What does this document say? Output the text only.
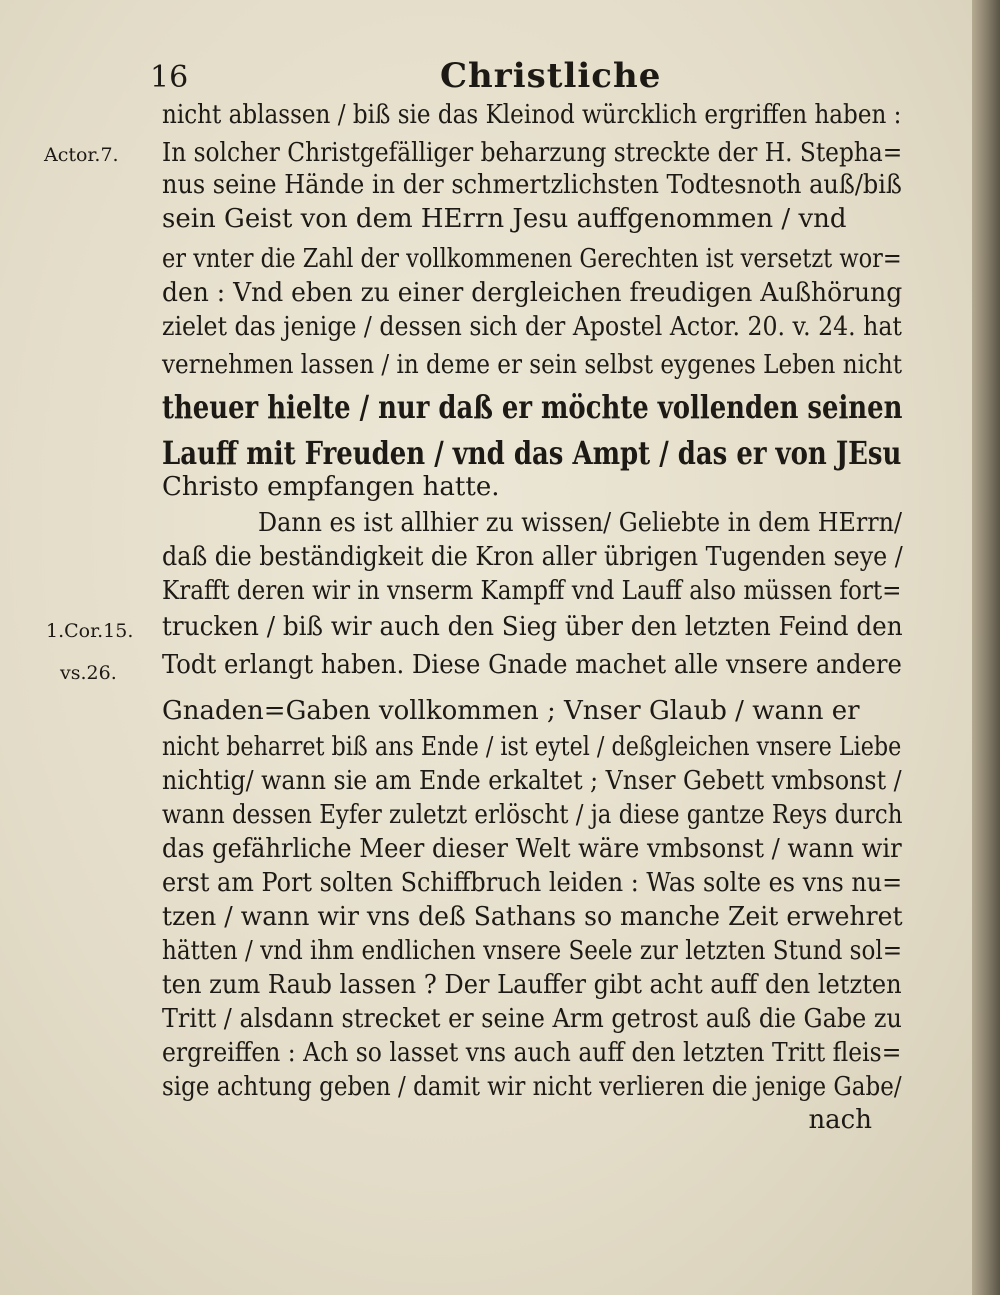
16	Christliche
Actor.7.
1.Cor.15.
vs.26.
nicht ablassen / biß sie das Kleinod würcklich ergriffen haben :
In solcher Christgefälliger beharzung streckte der H. Stepha=
nus seine Hände in der schmertzlichsten Todtesnoth auß/biß
sein Geist von dem HErrn Jesu auffgenommen / vnd
er vnter die Zahl der vollkommenen Gerechten ist versetzt wor=
den : Vnd eben zu einer dergleichen freudigen Außhörung
zielet das jenige / dessen sich der Apostel Actor. 20. v. 24. hat
vernehmen lassen / in deme er sein selbst eygenes Leben nicht
theuer hielte / nur daß er möchte vollenden seinen
Lauff mit Freuden / vnd das Ampt / das er von JEsu
Christo empfangen hatte.
Dann es ist allhier zu wissen/ Geliebte in dem HErrn/
daß die beständigkeit die Kron aller übrigen Tugenden seye /
Krafft deren wir in vnserm Kampff vnd Lauff also müssen fort=
trucken / biß wir auch den Sieg über den letzten Feind den
Todt erlangt haben. Diese Gnade machet alle vnsere andere
Gnaden=Gaben vollkommen ; Vnser Glaub / wann er
nicht beharret biß ans Ende / ist eytel / deßgleichen vnsere Liebe
nichtig/ wann sie am Ende erkaltet ; Vnser Gebett vmbsonst /
wann dessen Eyfer zuletzt erlöscht / ja diese gantze Reys durch
das gefährliche Meer dieser Welt wäre vmbsonst / wann wir
erst am Port solten Schiffbruch leiden : Was solte es vns nu=
tzen / wann wir vns deß Sathans so manche Zeit erwehret
hätten / vnd ihm endlichen vnsere Seele zur letzten Stund sol=
ten zum Raub lassen ? Der Lauffer gibt acht auff den letzten
Tritt / alsdann strecket er seine Arm getrost auß die Gabe zu
ergreiffen : Ach so lasset vns auch auff den letzten Tritt fleis=
sige achtung geben / damit wir nicht verlieren die jenige Gabe/
nach
